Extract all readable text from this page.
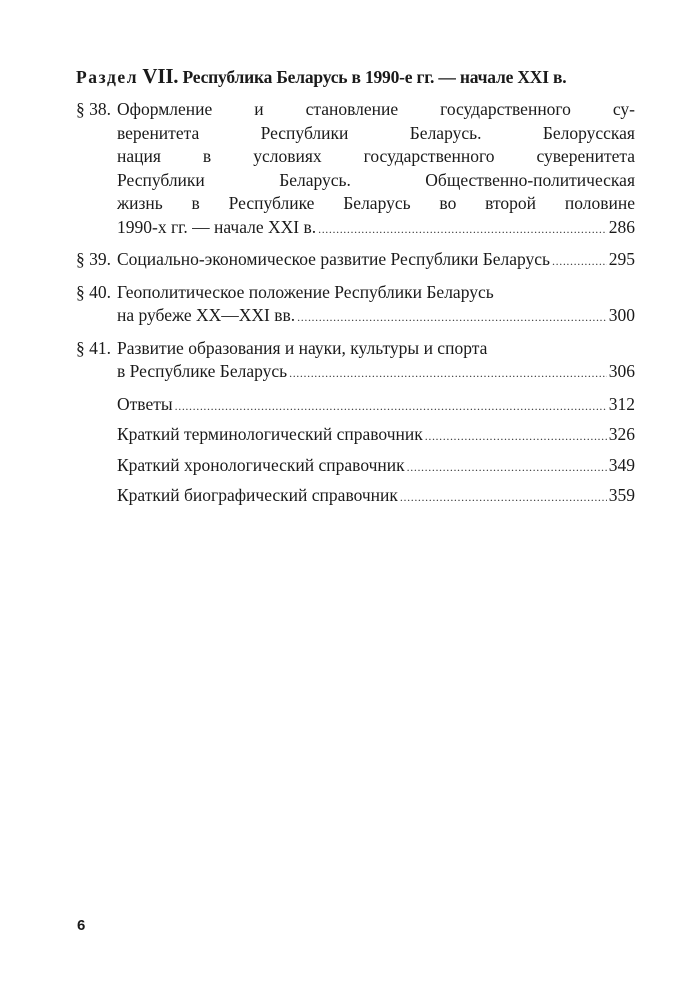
Раздел VII. Республика Беларусь в 1990-е гг. — начале XXI в.
§ 38. Оформление и становление государственного су-
веренитета Республики Беларусь. Белорусская
нация в условиях государственного суверенитета
Республики Беларусь. Общественно-политическая
жизнь в Республике Беларусь во второй половине
1990-х гг. — начале XXI в. .....	286
§ 39. Социально-экономическое развитие Республики Беларусь .....	295
§ 40. Геополитическое положение Республики Беларусь
на рубеже XX—XXI вв. .....	300
§ 41. Развитие образования и науки, культуры и спорта
в Республике Беларусь .....	306
Ответы .....	312
Краткий терминологический справочник .....	326
Краткий хронологический справочник .....	349
Краткий биографический справочник .....	359
6
